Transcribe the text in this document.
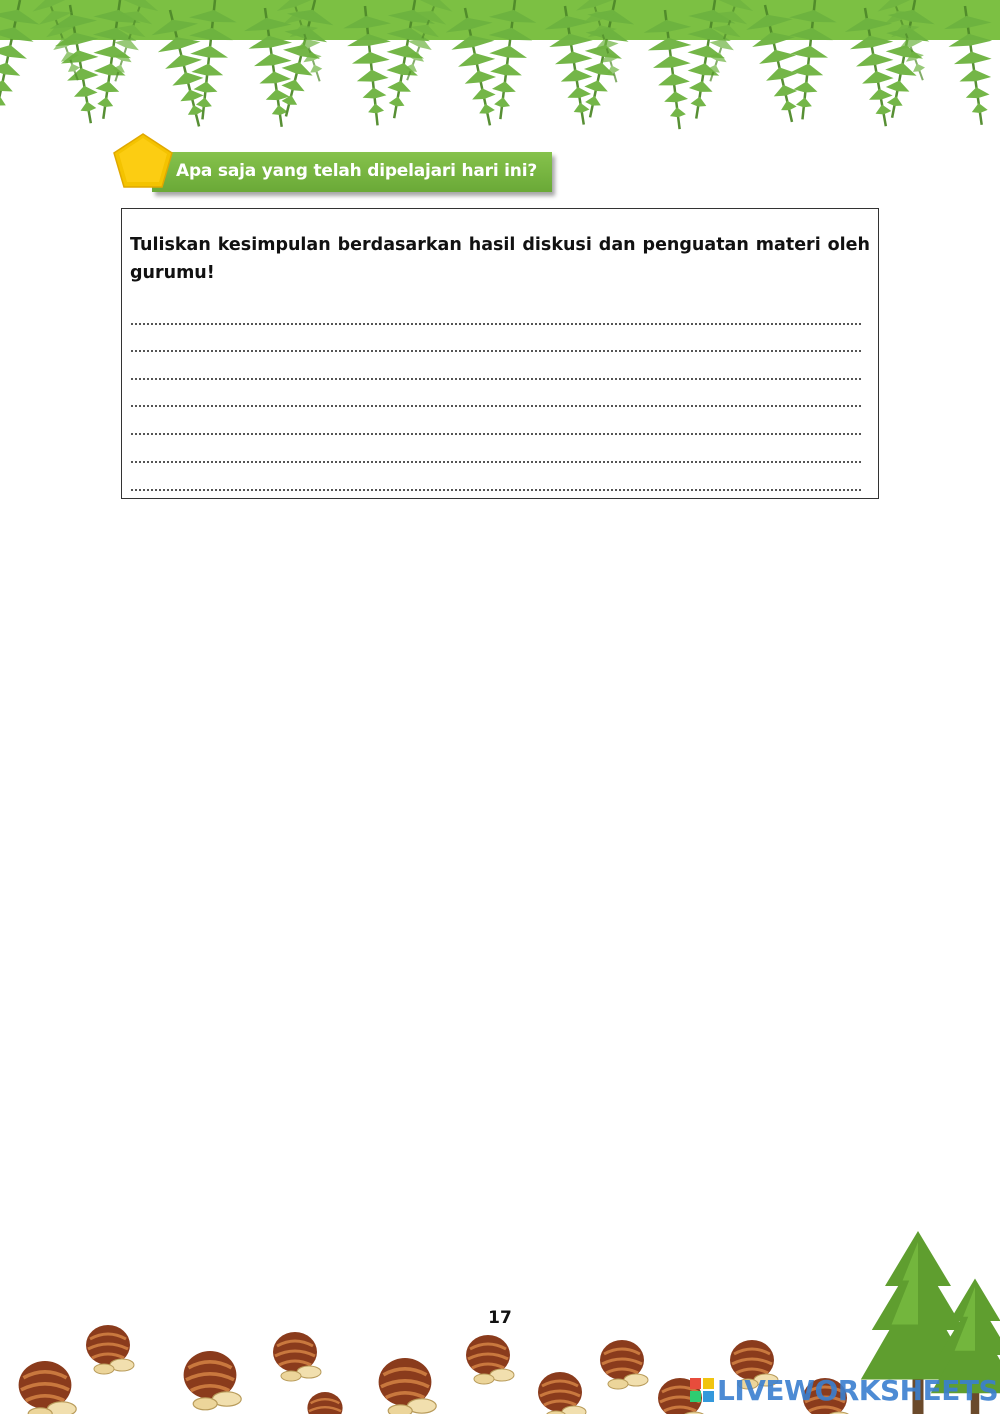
Apa saja yang telah dipelajari hari ini?

Tuliskan kesimpulan berdasarkan hasil diskusi dan penguatan materi oleh gurumu!

17
LIVEWORKSHEETS
